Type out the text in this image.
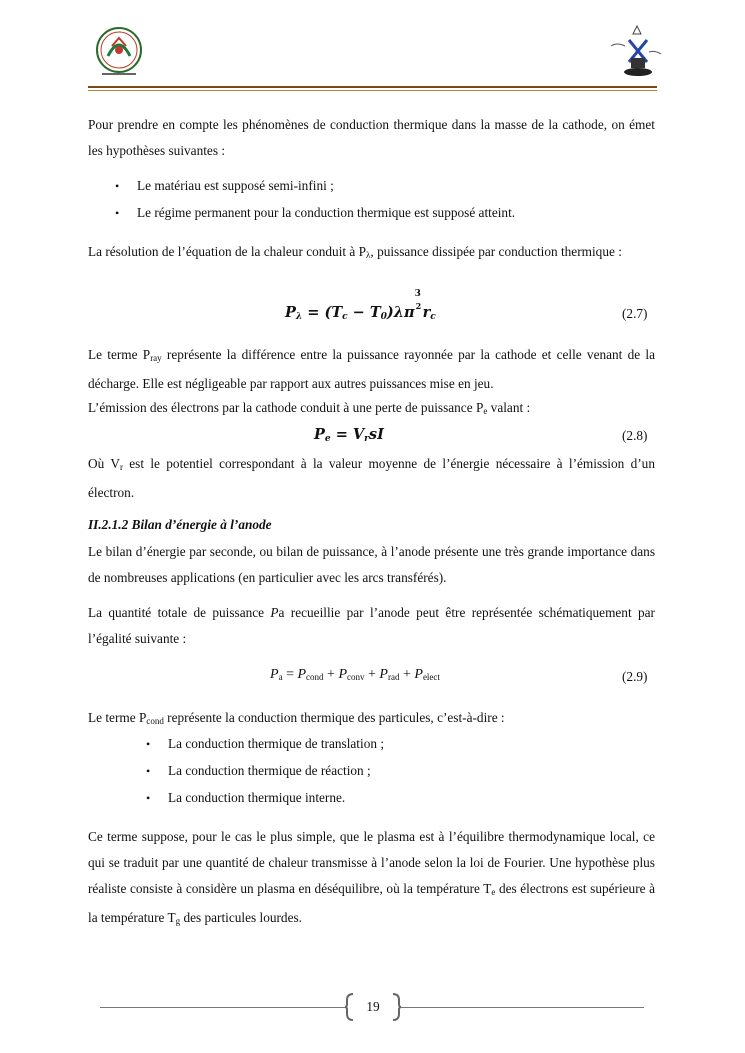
Pour prendre en compte les phénomènes de conduction thermique dans la masse de la cathode, on émet les hypothèses suivantes :

• Le matériau est supposé semi-infini ;
• Le régime permanent pour la conduction thermique est supposé atteint.

La résolution de l’équation de la chaleur conduit à $P_\lambda$, puissance dissipée par conduction thermique :

$P_\lambda = (T_c - T_0)\lambda\pi$
3
2 $r_c$	(2.7)

Le terme $P_{ray}$ représente la différence entre la puissance rayonnée par la cathode et celle venant de la décharge. Elle est négligeable par rapport aux autres puissances mise en jeu.

L’émission des électrons par la cathode conduit à une perte de puissance $P_e$ valant :

$P_e = V_rsI$	(2.8)

Où $V_r$ est le potentiel correspondant à la valeur moyenne de l’énergie nécessaire à l’émission d’un électron.

II.2.1.2 Bilan d’énergie à l’anode

Le bilan d’énergie par seconde, ou bilan de puissance, à l’anode présente une très grande importance dans de nombreuses applications (en particulier avec les arcs transférés).

La quantité totale de puissance Pa recueillie par l’anode peut être représentée schématiquement par l’égalité suivante :

$P_a = P_{cond} + P_{conv} + P_{rad} + P_{elect}$	(2.9)

Le terme $P_{cond}$ représente la conduction thermique des particules, c’est-à-dire :

• La conduction thermique de translation ;
• La conduction thermique de réaction ;
• La conduction thermique interne.

Ce terme suppose, pour le cas le plus simple, que le plasma est à l’équilibre thermodynamique local, ce qui se traduit par une quantité de chaleur transmisse à l’anode selon la loi de Fourier. Une hypothèse plus réaliste consiste à considère un plasma en déséquilibre, où la température $T_e$ des électrons est supérieure à la température $T_g$ des particules lourdes.

19
